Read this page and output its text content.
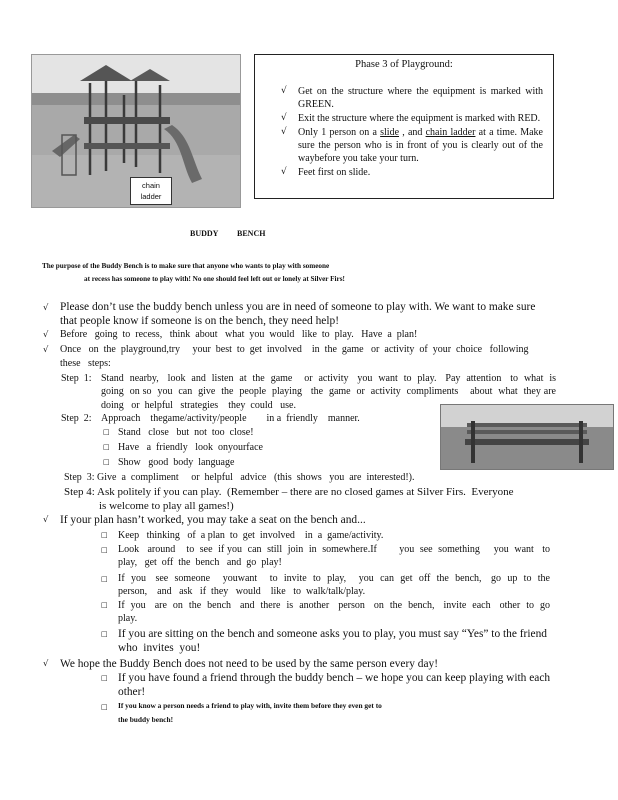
chain
ladder
Phase 3 of Playground:
√ Get on the structure where the equipment is marked with GREEN.
√ Exit the structure where the equipment is marked with RED.
√ Only 1 person on a slide , and chain ladder at a time. Make sure the person who is in front of you is clearly out of the waybefore you take your turn.
√ Feet first on slide.
BUDDY BENCH
The purpose of the Buddy Bench is to make sure that anyone who wants to play with someone
at recess has someone to play with! No one should feel left out or lonely at Silver Firs!
√ Please don’t use the buddy bench unless you are in need of someone to play with. We want to make sure that people know if someone is on the bench, they need help!
√ Before   going  to  recess,   think  about   what  you  would   like  to  play.   Have  a  plan!
√ Once   on  the  playground,try     your  best  to  get  involved    in  the  game   or  activity  of  your  choice   following
these   steps:
Step  1: Stand  nearby,   look  and  listen  at  the  game    or  activity   you  want  to  play.   Pay  attention   to  what  is going  on so  you  can  give  the  people  playing   the  game  or  activity  compliments    about  what  they are  doing   or  helpful   strategies    they  could   use.
Step  2: Approach    thegame/activity/people        in a  friendly    manner.
□ Stand   close   but  not  too  close!
□ Have   a  friendly   look  onyourface
□ Show   good  body  language
Step  3: Give  a  compliment     or  helpful   advice   (this  shows   you  are  interested!).
Step 4: Ask politely if you can play.  (Remember – there are no closed games at Silver Firs.  Everyone
is welcome to play all games!)
√ If your plan hasn’t worked, you may take a seat on the bench and...
□ Keep   thinking   of  a plan  to  get  involved    in  a  game/activity.
□ Look   around    to  see  if you  can  still  join  in  somewhere.If        you  see  something     you  want   to play,   get  off  the  bench   and  go  play!
□ If  you   see  someone    youwant    to  invite  to  play,    you  can  get  off  the  bench,   go  up  to  the person,    and   ask   if  they   would    like   to  walk/talk/play.
□ If  you   are  on  the  bench   and  there  is  another   person   on  the  bench,   invite  each   other  to  go play.
□ If you are sitting on the bench and someone asks you to play, you must say “Yes” to the friend   who  invites  you!
√ We hope the Buddy Bench does not need to be used by the same person every day!
□ If you have found a friend through the buddy bench – we hope you can keep playing with each other!
□ If you know a person needs a friend to play with, invite them before they even get to
the buddy bench!
